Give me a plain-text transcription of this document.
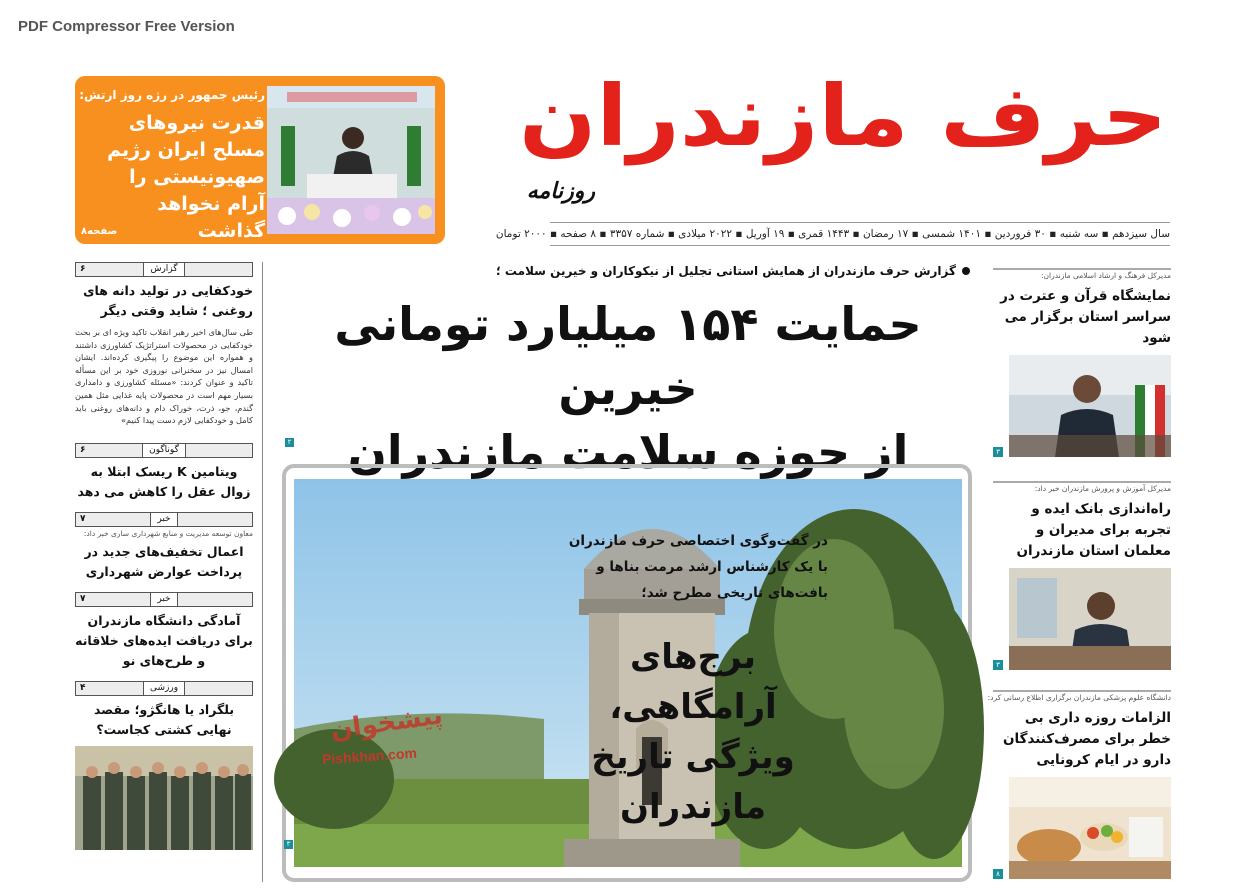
PDF Compressor Free Version
رئیس جمهور در رژه روز ارتش:
قدرت نیروهای مسلح ایران رژیم صهیونیستی را آرام نخواهد گذاشت
صفحه۸
حرف مازندران
روزنامه
سال سیزدهم ▪ سه شنبه ▪ ۳۰ فروردین ▪ ۱۴۰۱ شمسی ▪ ۱۷ رمضان ▪ ۱۴۴۳ قمری ▪ ۱۹ آوریل ▪ ۲۰۲۲ میلادی ▪ شماره ۳۳۵۷ ▪ ۸ صفحه ▪ ۲۰۰۰ تومان
۶	گزارش
خودکفایی در تولید دانه های روغنی ؛ شاید وقتی دیگر
طی سال‌های اخیر رهبر انقلاب تاکید ویژه ای بر بحث خودکفایی در محصولات استراتژیک کشاورزی داشتند و همواره این موضوع را پیگیری کرده‌اند. ایشان امسال نیز در سخنرانی نوروزی خود بر این مسأله تاکید و عنوان کردند: «مسئله کشاورزی و دامداری بسیار مهم است در محصولات پایه غذایی مثل همین گندم، جو، ذرت، خوراک دام و دانه‌های روغنی باید کامل و خودکفایی لازم دست پیدا کنیم»
۶	گوناگون
ویتامین K ریسک ابتلا به زوال عقل را کاهش می دهد
۷	خبر
معاون توسعه مدیریت و منابع شهرداری ساری خبر داد:
اعمال تخفیف‌های جدید در پرداخت عوارض شهرداری
۷	خبر
آمادگی دانشگاه مازندران برای دریافت ایده‌های خلاقانه و طرح‌های نو
۴	ورزشی
بلگراد یا هانگژو؛ مقصد نهایی کشتی کجاست؟
گزارش حرف مازندران از همایش استانی تجلیل از نیکوکاران و خیرین سلامت ؛
حمایت ۱۵۴ میلیارد تومانی خیرین
از حوزه سلامت مازندران
۲
در گفت‌وگوی اختصاصی حرف مازندران با یک کارشناس ارشد مرمت بناها و بافت‌های تاریخی مطرح شد؛
برج‌های آرامگاهی، ویژگی تاریخ مازندران
پیشخوان
Pishkhan.com
۳
مدیرکل فرهنگ و ارشاد اسلامی مازندران:
نمایشگاه قرآن و عترت در سراسر استان برگزار می شود
۳
مدیرکل آموزش و پرورش مازندران خبر داد:
راه‌اندازی بانک ایده و تجربه برای مدیران و معلمان استان مازندران
۳
دانشگاه علوم پزشکی مازندران برگزاری اطلاع رسانی کرد:
الزامات روزه داری بی خطر برای مصرف‌کنندگان دارو در ایام کرونایی
۸
